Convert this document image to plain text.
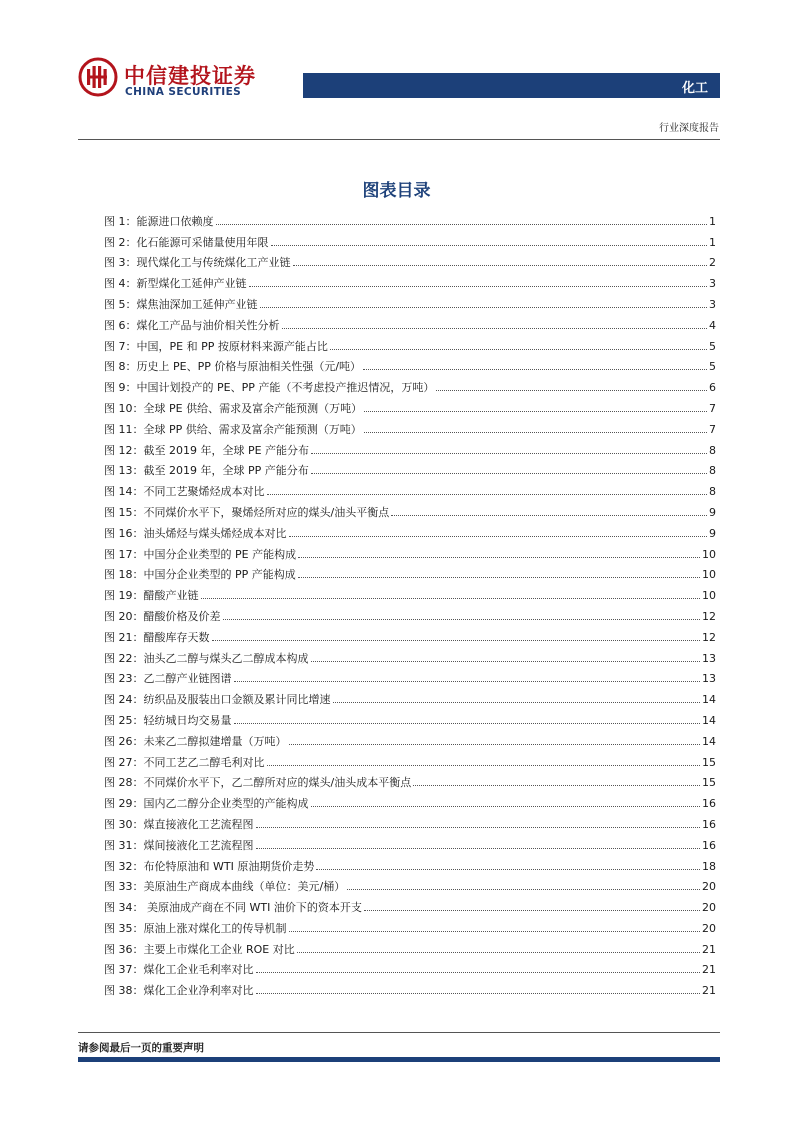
中信建投证券
CHINA SECURITIES	化工
行业深度报告
图表目录
图 1：能源进口依赖度	1
图 2：化石能源可采储量使用年限	1
图 3：现代煤化工与传统煤化工产业链	2
图 4：新型煤化工延伸产业链	3
图 5：煤焦油深加工延伸产业链	3
图 6：煤化工产品与油价相关性分析	4
图 7：中国，PE 和 PP 按原材料来源产能占比	5
图 8：历史上 PE、PP 价格与原油相关性强（元/吨）	5
图 9：中国计划投产的 PE、PP 产能（不考虑投产推迟情况，万吨）	6
图 10：全球 PE 供给、需求及富余产能预测（万吨）	7
图 11：全球 PP 供给、需求及富余产能预测（万吨）	7
图 12：截至 2019 年，全球 PE 产能分布	8
图 13：截至 2019 年，全球 PP 产能分布	8
图 14：不同工艺聚烯烃成本对比	8
图 15：不同煤价水平下，聚烯烃所对应的煤头/油头平衡点	9
图 16：油头烯烃与煤头烯烃成本对比	9
图 17：中国分企业类型的 PE 产能构成	10
图 18：中国分企业类型的 PP 产能构成	10
图 19：醋酸产业链	10
图 20：醋酸价格及价差	12
图 21：醋酸库存天数	12
图 22：油头乙二醇与煤头乙二醇成本构成	13
图 23：乙二醇产业链图谱	13
图 24：纺织品及服装出口金额及累计同比增速	14
图 25：轻纺城日均交易量	14
图 26：未来乙二醇拟建增量（万吨）	14
图 27：不同工艺乙二醇毛利对比	15
图 28：不同煤价水平下，乙二醇所对应的煤头/油头成本平衡点	15
图 29：国内乙二醇分企业类型的产能构成	16
图 30：煤直接液化工艺流程图	16
图 31：煤间接液化工艺流程图	16
图 32：布伦特原油和 WTI 原油期货价走势	18
图 33：美原油生产商成本曲线（单位：美元/桶）	20
图 34： 美原油成产商在不同 WTI 油价下的资本开支	20
图 35：原油上涨对煤化工的传导机制	20
图 36：主要上市煤化工企业 ROE 对比	21
图 37：煤化工企业毛利率对比	21
图 38：煤化工企业净利率对比	21
请参阅最后一页的重要声明
